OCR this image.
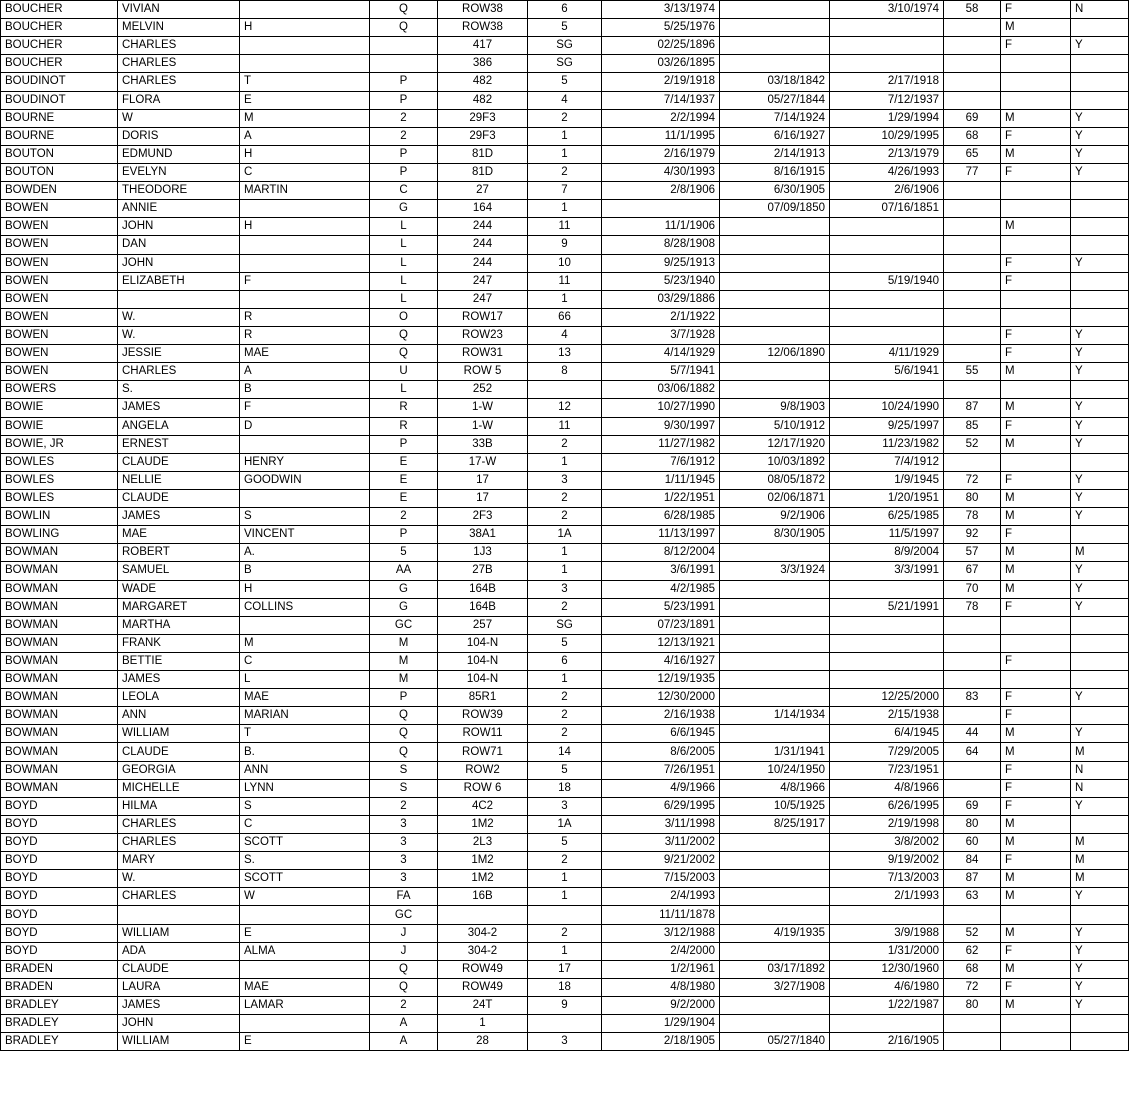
BOUCHER	VIVIAN		Q	ROW38	6	3/13/1974		3/10/1974	58	F	N
BOUCHER	MELVIN	H	Q	ROW38	5	5/25/1976				M	
BOUCHER	CHARLES			417	SG	02/25/1896				F	Y
BOUCHER	CHARLES			386	SG	03/26/1895					
BOUDINOT	CHARLES	T	P	482	5	2/19/1918	03/18/1842	2/17/1918			
BOUDINOT	FLORA	E	P	482	4	7/14/1937	05/27/1844	7/12/1937			
BOURNE	W	M	2	29F3	2	2/2/1994	7/14/1924	1/29/1994	69	M	Y
BOURNE	DORIS	A	2	29F3	1	11/1/1995	6/16/1927	10/29/1995	68	F	Y
BOUTON	EDMUND	H	P	81D	1	2/16/1979	2/14/1913	2/13/1979	65	M	Y
BOUTON	EVELYN	C	P	81D	2	4/30/1993	8/16/1915	4/26/1993	77	F	Y
BOWDEN	THEODORE	MARTIN	C	27	7	2/8/1906	6/30/1905	2/6/1906			
BOWEN	ANNIE		G	164	1		07/09/1850	07/16/1851			
BOWEN	JOHN	H	L	244	11	11/1/1906				M	
BOWEN	DAN		L	244	9	8/28/1908					
BOWEN	JOHN		L	244	10	9/25/1913				F	Y
BOWEN	ELIZABETH	F	L	247	11	5/23/1940		5/19/1940		F	
BOWEN			L	247	1	03/29/1886					
BOWEN	W.	R	O	ROW17	66	2/1/1922					
BOWEN	W.	R	Q	ROW23	4	3/7/1928				F	Y
BOWEN	JESSIE	MAE	Q	ROW31	13	4/14/1929	12/06/1890	4/11/1929		F	Y
BOWEN	CHARLES	A	U	ROW 5	8	5/7/1941		5/6/1941	55	M	Y
BOWERS	S.	B	L	252		03/06/1882					
BOWIE	JAMES	F	R	1-W	12	10/27/1990	9/8/1903	10/24/1990	87	M	Y
BOWIE	ANGELA	D	R	1-W	11	9/30/1997	5/10/1912	9/25/1997	85	F	Y
BOWIE, JR	ERNEST		P	33B	2	11/27/1982	12/17/1920	11/23/1982	52	M	Y
BOWLES	CLAUDE	HENRY	E	17-W	1	7/6/1912	10/03/1892	7/4/1912			
BOWLES	NELLIE	GOODWIN	E	17	3	1/11/1945	08/05/1872	1/9/1945	72	F	Y
BOWLES	CLAUDE		E	17	2	1/22/1951	02/06/1871	1/20/1951	80	M	Y
BOWLIN	JAMES	S	2	2F3	2	6/28/1985	9/2/1906	6/25/1985	78	M	Y
BOWLING	MAE	VINCENT	P	38A1	1A	11/13/1997	8/30/1905	11/5/1997	92	F	
BOWMAN	ROBERT	A.	5	1J3	1	8/12/2004		8/9/2004	57	M	M
BOWMAN	SAMUEL	B	AA	27B	1	3/6/1991	3/3/1924	3/3/1991	67	M	Y
BOWMAN	WADE	H	G	164B	3	4/2/1985			70	M	Y
BOWMAN	MARGARET	COLLINS	G	164B	2	5/23/1991		5/21/1991	78	F	Y
BOWMAN	MARTHA		GC	257	SG	07/23/1891					
BOWMAN	FRANK	M	M	104-N	5	12/13/1921					
BOWMAN	BETTIE	C	M	104-N	6	4/16/1927				F	
BOWMAN	JAMES	L	M	104-N	1	12/19/1935					
BOWMAN	LEOLA	MAE	P	85R1	2	12/30/2000		12/25/2000	83	F	Y
BOWMAN	ANN	MARIAN	Q	ROW39	2	2/16/1938	1/14/1934	2/15/1938		F	
BOWMAN	WILLIAM	T	Q	ROW11	2	6/6/1945		6/4/1945	44	M	Y
BOWMAN	CLAUDE	B.	Q	ROW71	14	8/6/2005	1/31/1941	7/29/2005	64	M	M
BOWMAN	GEORGIA	ANN	S	ROW2	5	7/26/1951	10/24/1950	7/23/1951		F	N
BOWMAN	MICHELLE	LYNN	S	ROW 6	18	4/9/1966	4/8/1966	4/8/1966		F	N
BOYD	HILMA	S	2	4C2	3	6/29/1995	10/5/1925	6/26/1995	69	F	Y
BOYD	CHARLES	C	3	1M2	1A	3/11/1998	8/25/1917	2/19/1998	80	M	
BOYD	CHARLES	SCOTT	3	2L3	5	3/11/2002		3/8/2002	60	M	M
BOYD	MARY	S.	3	1M2	2	9/21/2002		9/19/2002	84	F	M
BOYD	W.	SCOTT	3	1M2	1	7/15/2003		7/13/2003	87	M	M
BOYD	CHARLES	W	FA	16B	1	2/4/1993		2/1/1993	63	M	Y
BOYD			GC			11/11/1878					
BOYD	WILLIAM	E	J	304-2	2	3/12/1988	4/19/1935	3/9/1988	52	M	Y
BOYD	ADA	ALMA	J	304-2	1	2/4/2000		1/31/2000	62	F	Y
BRADEN	CLAUDE		Q	ROW49	17	1/2/1961	03/17/1892	12/30/1960	68	M	Y
BRADEN	LAURA	MAE	Q	ROW49	18	4/8/1980	3/27/1908	4/6/1980	72	F	Y
BRADLEY	JAMES	LAMAR	2	24T	9	9/2/2000		1/22/1987	80	M	Y
BRADLEY	JOHN		A	1		1/29/1904					
BRADLEY	WILLIAM	E	A	28	3	2/18/1905	05/27/1840	2/16/1905			
